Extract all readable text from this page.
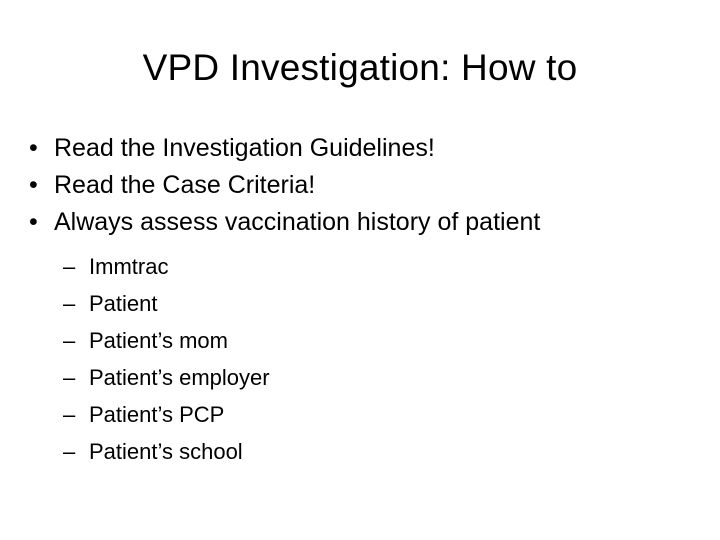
VPD Investigation: How to
• Read the Investigation Guidelines!
• Read the Case Criteria!
• Always assess vaccination history of patient
– Immtrac
– Patient
– Patient’s mom
– Patient’s employer
– Patient’s PCP
– Patient’s school
